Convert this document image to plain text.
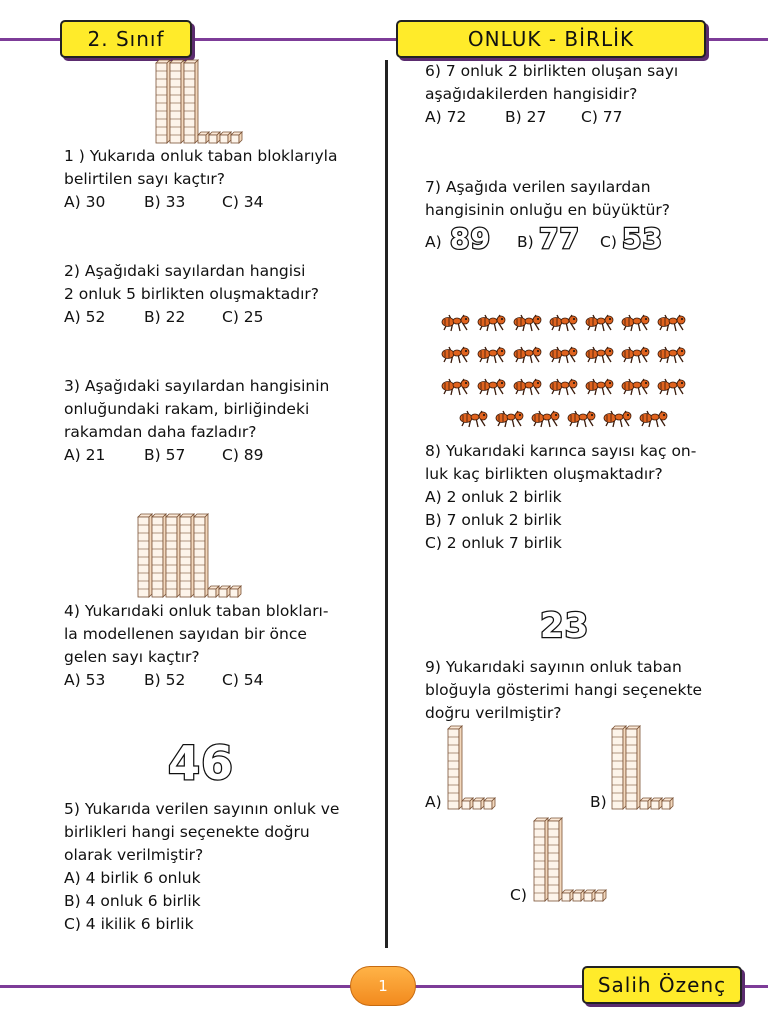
2. Sınıf	ONLUK - BİRLİK
1 ) Yukarıda onluk taban bloklarıyla
belirtilen sayı kaçtır?
A) 30 B) 33 C) 34
2) Aşağıdaki sayılardan hangisi
2 onluk 5 birlikten oluşmaktadır?
A) 52 B) 22 C) 25
3) Aşağıdaki sayılardan hangisinin
onluğundaki rakam, birliğindeki
rakamdan daha fazladır?
A) 21 B) 57 C) 89
4) Yukarıdaki onluk taban blokları-
la modellenen sayıdan bir önce
gelen sayı kaçtır?
A) 53 B) 52 C) 54
46
5) Yukarıda verilen sayının onluk ve
birlikleri hangi seçenekte doğru
olarak verilmiştir?
A) 4 birlik 6 onluk
B) 4 onluk 6 birlik
C) 4 ikilik 6 birlik
6) 7 onluk 2 birlikten oluşan sayı
aşağıdakilerden hangisidir?
A) 72 B) 27 C) 77
7) Aşağıda verilen sayılardan
hangisinin onluğu en büyüktür?
A) 89 B) 77 C) 53
8) Yukarıdaki karınca sayısı kaç on-
luk kaç birlikten oluşmaktadır?
A) 2 onluk 2 birlik
B) 7 onluk 2 birlik
C) 2 onluk 7 birlik
23
9) Yukarıdaki sayının onluk taban
bloğuyla gösterimi hangi seçenekte
doğru verilmiştir?
A)	B)
C)
1	Salih Özenç
